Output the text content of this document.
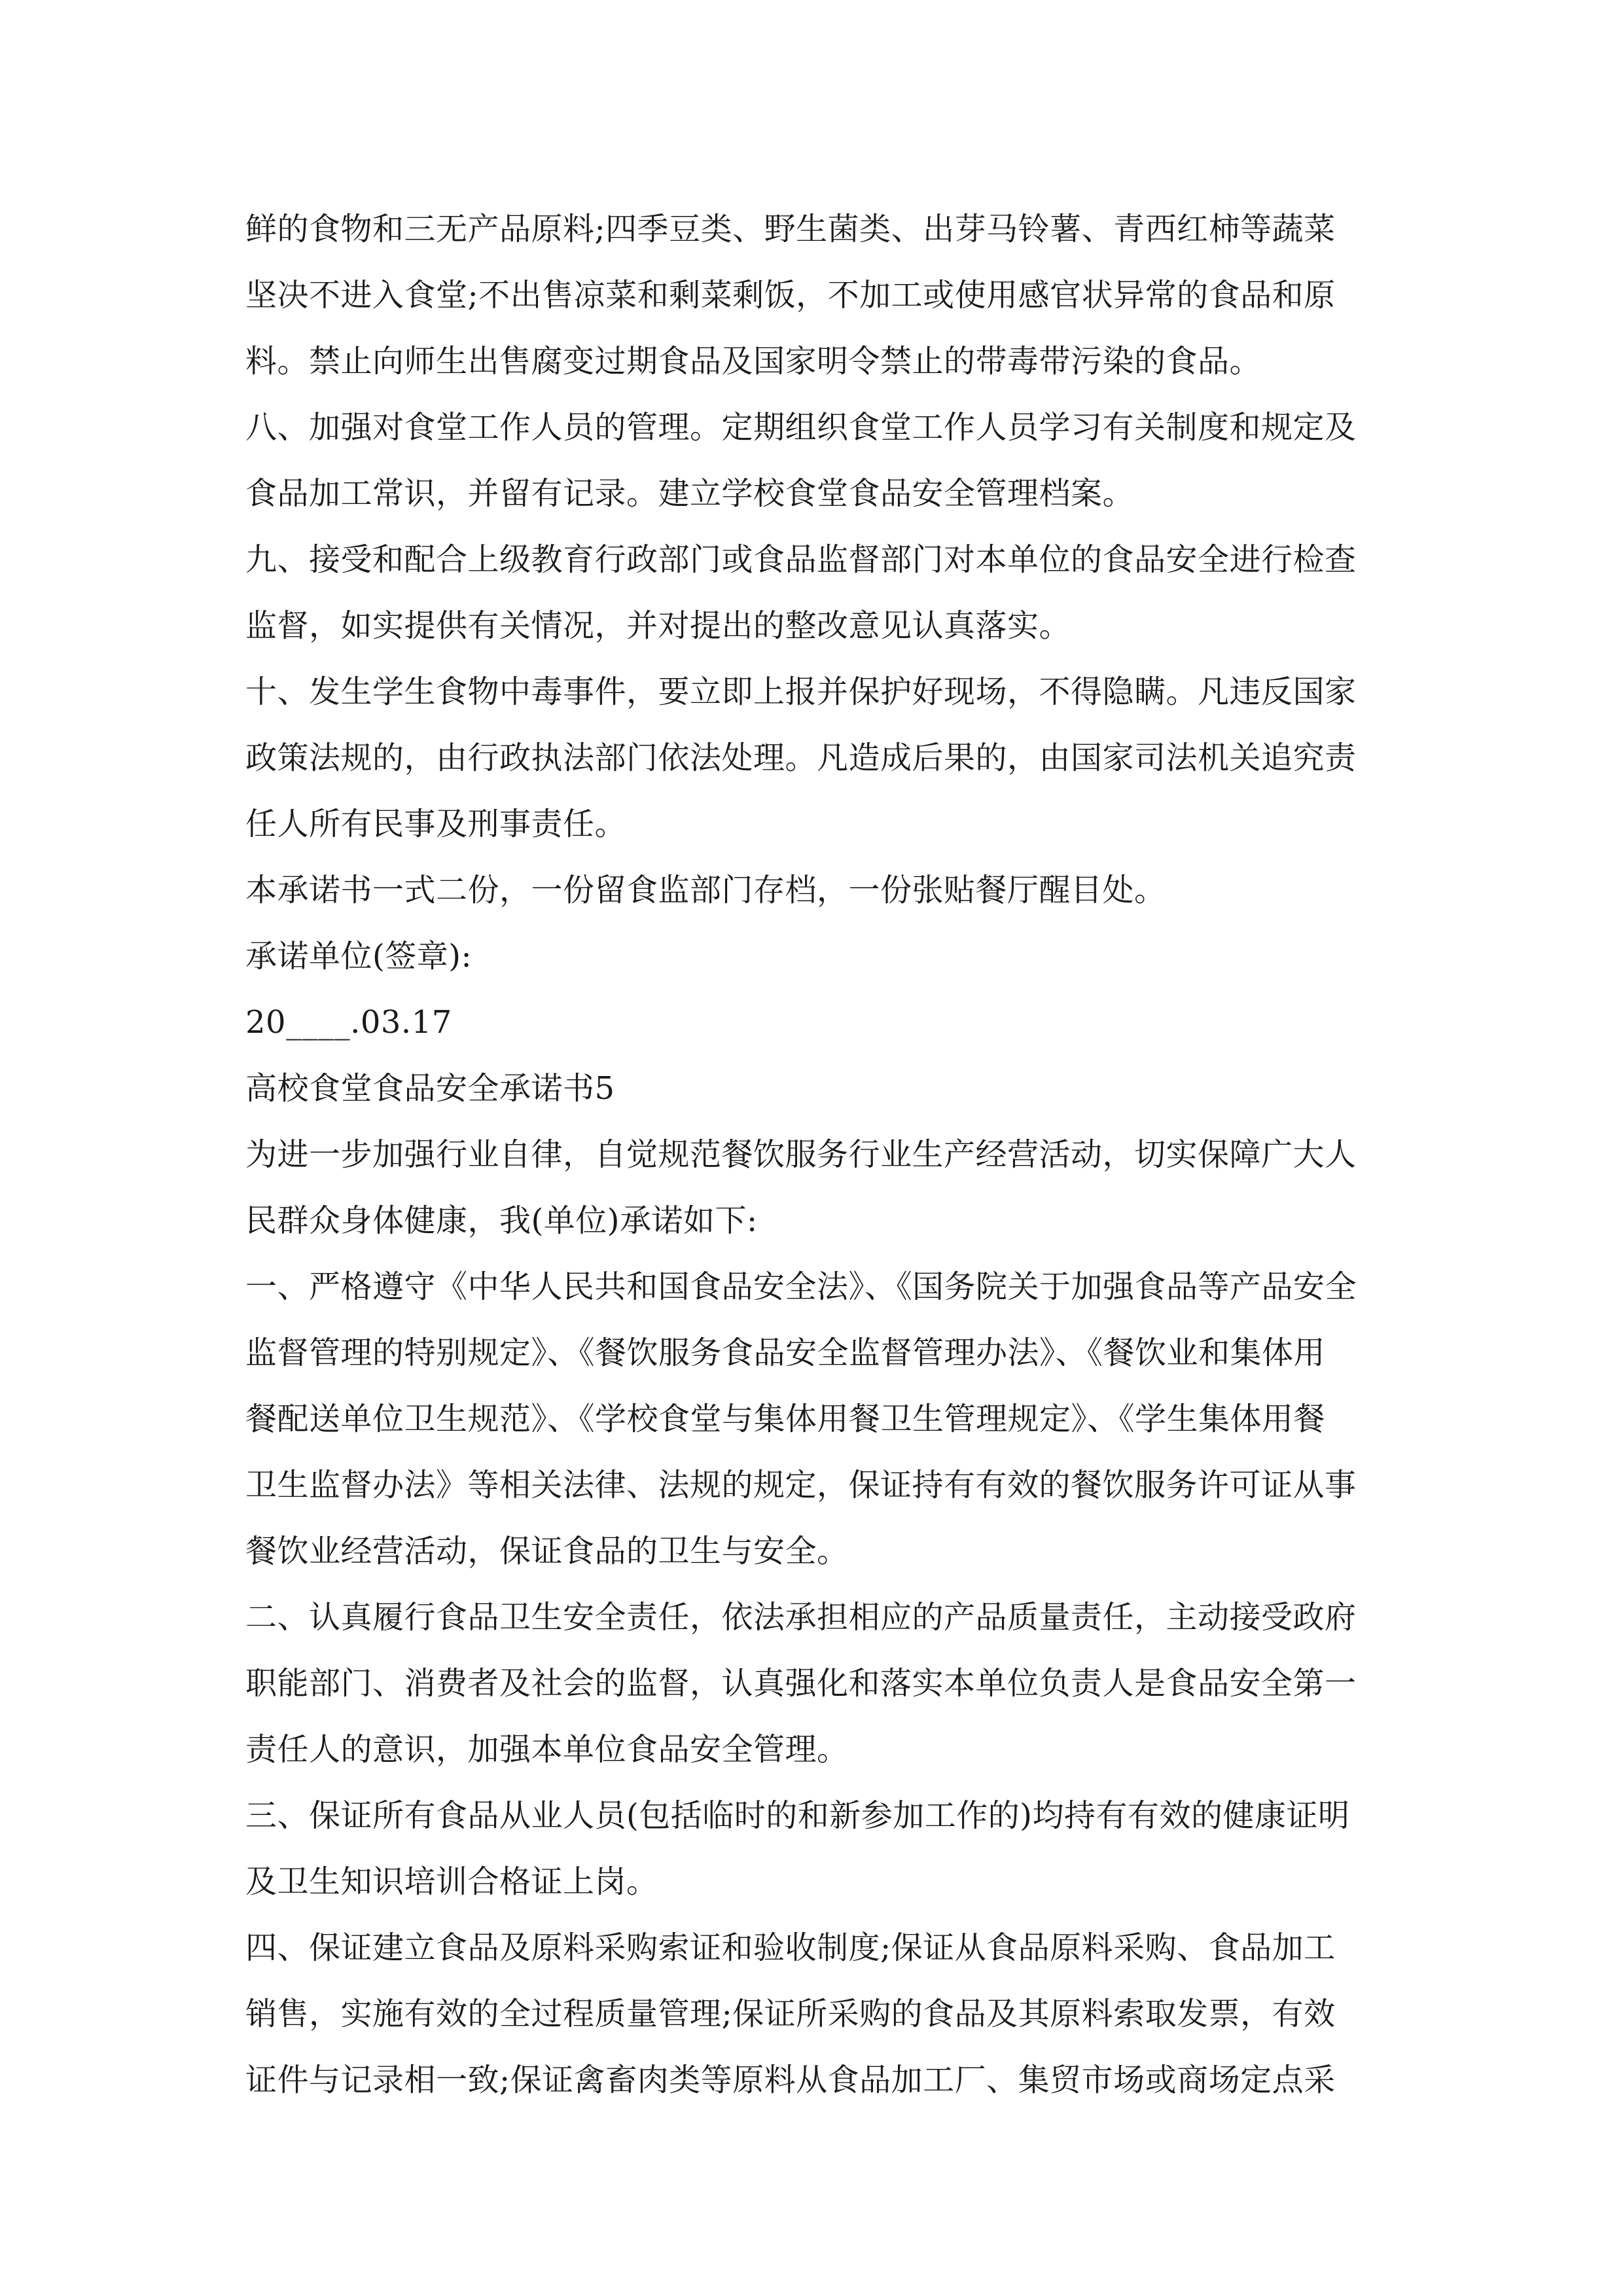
鲜的食物和三无产品原料;四季豆类、野生菌类、出芽马铃薯、青西红柿等蔬菜
坚决不进入食堂;不出售凉菜和剩菜剩饭，不加工或使用感官状异常的食品和原
料。禁止向师生出售腐变过期食品及国家明令禁止的带毒带污染的食品。
八、加强对食堂工作人员的管理。定期组织食堂工作人员学习有关制度和规定及
食品加工常识，并留有记录。建立学校食堂食品安全管理档案。
九、接受和配合上级教育行政部门或食品监督部门对本单位的食品安全进行检查
监督，如实提供有关情况，并对提出的整改意见认真落实。
十、发生学生食物中毒事件，要立即上报并保护好现场，不得隐瞒。凡违反国家
政策法规的，由行政执法部门依法处理。凡造成后果的，由国家司法机关追究责
任人所有民事及刑事责任。
本承诺书一式二份，一份留食监部门存档，一份张贴餐厅醒目处。
承诺单位(签章):
20____.03.17
高校食堂食品安全承诺书5
为进一步加强行业自律，自觉规范餐饮服务行业生产经营活动，切实保障广大人
民群众身体健康，我(单位)承诺如下:
一、严格遵守《中华人民共和国食品安全法》、《国务院关于加强食品等产品安全
监督管理的特别规定》、《餐饮服务食品安全监督管理办法》、《餐饮业和集体用
餐配送单位卫生规范》、《学校食堂与集体用餐卫生管理规定》、《学生集体用餐
卫生监督办法》等相关法律、法规的规定，保证持有有效的餐饮服务许可证从事
餐饮业经营活动，保证食品的卫生与安全。
二、认真履行食品卫生安全责任，依法承担相应的产品质量责任，主动接受政府
职能部门、消费者及社会的监督，认真强化和落实本单位负责人是食品安全第一
责任人的意识，加强本单位食品安全管理。
三、保证所有食品从业人员(包括临时的和新参加工作的)均持有有效的健康证明
及卫生知识培训合格证上岗。
四、保证建立食品及原料采购索证和验收制度;保证从食品原料采购、食品加工
销售，实施有效的全过程质量管理;保证所采购的食品及其原料索取发票，有效
证件与记录相一致;保证禽畜肉类等原料从食品加工厂、集贸市场或商场定点采
